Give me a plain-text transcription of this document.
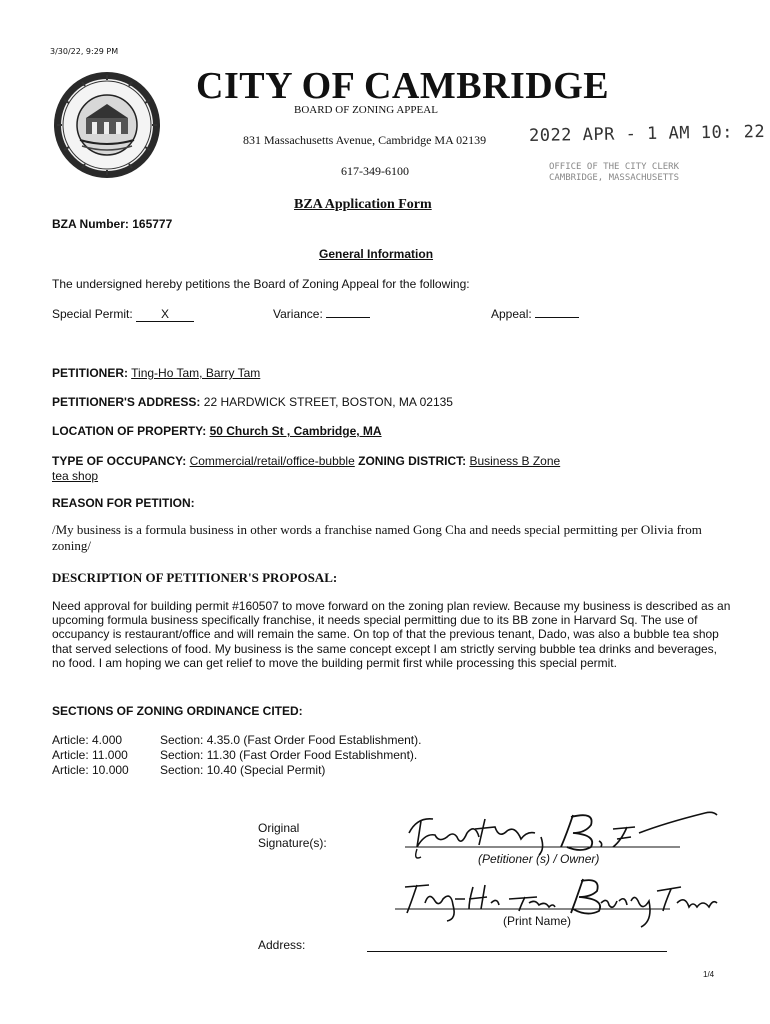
3/30/22, 9:29 PM
CITY OF CAMBRIDGE
BOARD OF ZONING APPEAL
831 Massachusetts Avenue, Cambridge MA 02139
617-349-6100
2022 APR - 1 AM 10: 22
OFFICE OF THE CITY CLERK
CAMBRIDGE, MASSACHUSETTS
BZA Application Form
BZA Number: 165777
General Information
The undersigned hereby petitions the Board of Zoning Appeal for the following:
Special Permit: X	Variance:	Appeal:
PETITIONER: Ting-Ho Tam, Barry Tam
PETITIONER'S ADDRESS: 22 HARDWICK STREET, BOSTON, MA 02135
LOCATION OF PROPERTY: 50 Church St , Cambridge, MA
TYPE OF OCCUPANCY: Commercial/retail/office-bubble ZONING DISTRICT: Business B Zone
tea shop
REASON FOR PETITION:
/My business is a formula business in other words a franchise named Gong Cha and needs special permitting per Olivia from zoning/
DESCRIPTION OF PETITIONER'S PROPOSAL:
Need approval for building permit #160507 to move forward on the zoning plan review. Because my business is described as an upcoming formula business specifically franchise, it needs special permitting due to its BB zone in Harvard Sq. The use of occupancy is restaurant/office and will remain the same. On top of that the previous tenant, Dado, was also a bubble tea shop that served selections of food. My business is the same concept except I am strictly serving bubble tea drinks and beverages, no food. I am hoping we can get relief to move the building permit first while processing this special permit.
SECTIONS OF ZONING ORDINANCE CITED:
Article: 4.000	Section: 4.35.0 (Fast Order Food Establishment).
Article: 11.000	Section: 11.30 (Fast Order Food Establishment).
Article: 10.000	Section: 10.40 (Special Permit)
Original
Signature(s):
(Petitioner (s) / Owner)
(Print Name)
Address:
1/4
